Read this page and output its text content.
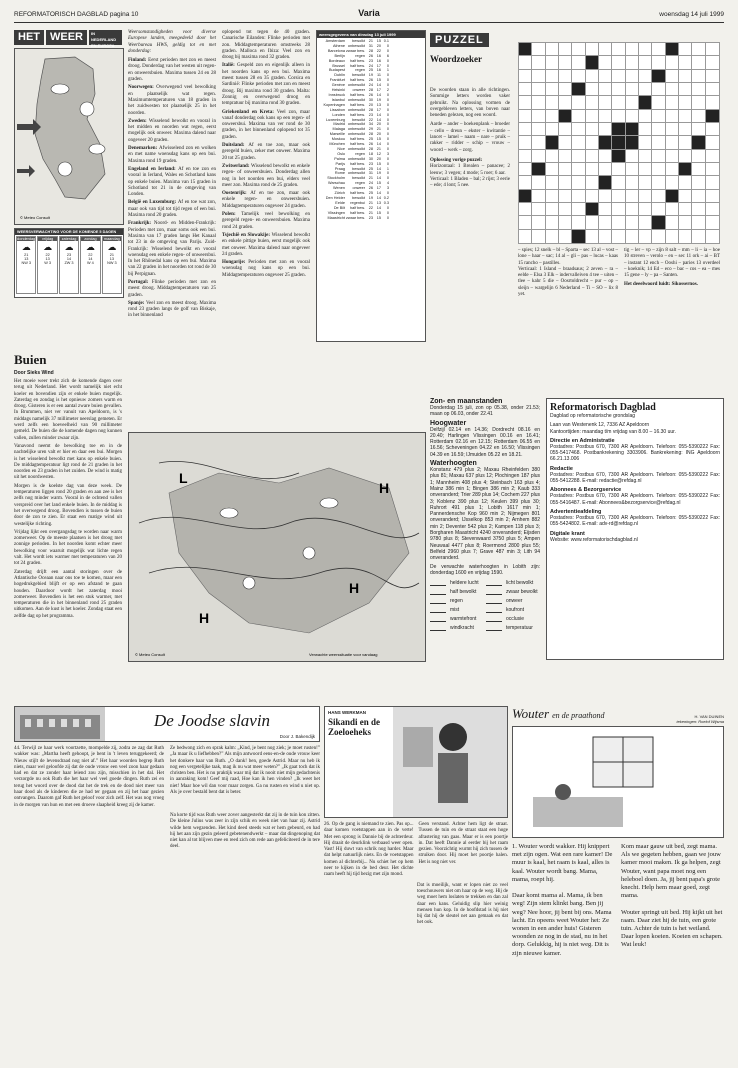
REFORMATORISCH DAGBLAD pagina 10	Varia	woensdag 14 juli 1999
HET WEER	IN NEDERLAND EN EUROPA
© Meteo Consult
WEERSVERWACHTING VOOR DE KOMENDE 5 DAGEN
donderdag
☁
21
13
NW 3
vrijdag
☁
22
13
W 3
zaterdag
☁
23
14
ZW 3
zondag
☁
22
14
W 4
maandag
☁
21
13
NW 3
Buien
Door Sieks Wind

Het moeie weer trekt zich de komende dagen over terug uit Nederland. Het wordt namelijk niet echt koeler en bovendien zijn er enkele buien mogelijk. Zaterdag en zondag is het opnieuw zomers warm en droog. Gisteren is er een aantal zware buien gevallen. In Brummen, niet ver vanuit van Apeldoorn, is 's middags namelijk 37 millimeter neerslag gemeten. Er werd zelfs een hoeveelheid van 90 millimeter gemeld. De buien die de komende dagen nog kunnen vallen, zullen minder zwaar zijn.

Vanavond neemt de bewolking toe en in de nachtelijke uren valt er hier en daar een bui. Morgen is het wisselend bewolkt met kans op enkele buien. De middagtemperatuur ligt rond de 21 graden in het noorden en 23 graden in het zuiden. De wind is matig uit het noordwesten.

Morgen is de koelste dag van deze week. De temperaturen liggen rond 20 graden en aan zee is het zelfs nog minder warm. Vooral in de ochtend vallen verspreid over het land enkele buien. In de middag is het overwegend droog. Bovendien is tussen de buien door de zon te zien. Er staat een matige wind uit westelijke richting.

Vrijdag lijkt een overgangsdag te worden naar warm zomerweer. Op de meeste plaatsen is het droog met zonnige perioden. In het noorden komt echter meer bewolking voor waaruit mogelijk wat lichte regen valt. Het wordt iets warmer met temperaturen van 20 tot 24 graden.

Zaterdag drijft een aantal storingen over de Atlantische Oceaan naar ons toe te komen, maar een hogedrukgebied blijft er op een afstand te gaan houden. Daardoor wordt het zaterdag mooi zomerweer. Bovendien is het een stuk warmer, met temperaturen die in het binnenland rond 25 graden uitkomen. Aan de kust is het koeler. Zondag staat een zelfde dag op het programma.

Weersomstandigheden voor diverse Europese landen, meegedeeld door het Weerbureau HWS, geldig tot en met donderdag:

Finland: Eerst perioden met zon en meest droog. Donderdag van het westen uit regen- en onweersbuien. Maxima tussen 24 en 28 graden.

Noorwegen: Overwegend veel bewolking en plaatselijk wat regen. Maximumtemperaturen van 18 graden in het zuidwesten tot plaatselijk 25 in het noorden.

Zweden: Wisselend bewolkt en vooral in het midden en noorden wat regen, eerst mogelijk ook onweer. Maxima dalend naar ongeveer 20 graden.

Denemarken: Afwisselend zon en wolken en met name woensdag kans op een bui. Maxima rond 19 graden.

Engeland en Ierland: Af en toe zon en vooral in Ierland, Wales en Schotland kans op enkele buien. Maxima van 15 graden in Schotland tot 21 in de omgeving van Londen.

België en Luxemburg: Af en toe wat zon, maar ook van tijd tot tijd regen of een bui. Maxima rond 20 graden.

Frankrijk: Noord- en Midden-Frankrijk: Perioden met zon, maar soms ook een bui. Maxima van 17 graden langs Het Kanaal tot 23 in de omgeving van Parijs. Zuid-Frankrijk: Wisselend bewolkt en vooral woensdag een enkele regen- of onweersbui. In het Rhônedal kans op een bui. Maxima van 22 graden in het noorden tot rond de 30 bij Perpignan.

Portugal: Flinke perioden met zon en meest droog. Middagtemperaturen van 25 graden.

Spanje: Veel zon en meest droog. Maxima rond 23 graden langs de golf van Biskaje, in het binnenland

oplopend tot tegen de 40 graden. Canarische Eilanden: Flinke perioden met zon. Middagtemperaturen omstreeks 28 graden. Malloca en Ibiza: Veel zon en droog bij maxima rond 32 graden.

Italië: Gespeld zon en eigenlijk alleen in het noorden kans op een bui. Maxima meest tussen 28 en 35 graden. Corsica en Sardinië: Flinke perioden met zon en meest droog. Bij maxima rond 30 graden. Malta: Zonnig en overwegend droog en tempratuur bij maxima rond 30 graden.

Griekenland en Kreta: Veel zon, maar vanaf donderdag ook kans op een regen- of onweersbui. Maxima van ver rond de 30 graden, in het binnenland oplopend tot 35 graden.

Duitsland: Af en toe zon, maar ook geregeld buien, zeker met onweer. Maxima 20 tot 25 graden.

Zwitserland: Wisselend bewolkt en enkele regen- of onweersbuien. Donderdag allen nog in het noorden een bui, elders veel meer zon. Maxima rond de 25 graden.

Oostenrijk: Af en toe zon, maar ook enkele regen- en onweersbuien. Middagtemperaturen ongeveer 24 graden.

Polen: Tamelijk veel bewolking en geregeld regen- en onweersbuien. Maxima rond 24 graden.

Tsjechië en Slowakije: Wisselend bewolkt en enkele pittige buien, eerst mogelijk ook met onweer. Maxima dalend naar ongeveer 24 graden.

Hongarije: Perioden met zon en vooral woensdag nog kans op een bui. Middagtemperaturen ongeveer 25 graden.

weersgegevens van dinsdag 13 juli 1999
Amsterdam	bewolkt 21 15 0.1
Athene onbewolkt 31 20	0
Barcelona zwaar bew. 28 22	0
Berlijn	regen 26 16	6
Bordeaux	half bew. 23 16	0
Brussel	half bew. 24 17	0
Budapest	regen 25 16	1
Dublin	bewolkt 19	11	0
Frankfurt	half bew. 26 15	0
Genève onbewolkt 24 14	0
Helsinki	onweer 28 17	2
Innsbruck	half bew. 26 14	0
Istanbul onbewolkt 30 19	0
Kopenhagen	half bew. 20 13	0
Lissabon onbewolkt 28 17	0
Londen	half bew. 23 14	0
Luxemburg	bewolkt 22 14	0
Madrid onbewolkt 34 20	0
Malaga onbewolkt 29 21	0
Marseille onbewolkt 28 20	0
Moskou	half bew. 25 15	0
München	half bew. 26 14	0
Nice onbewolkt 28 21	0
Oslo	regen 18 12	3
Palma onbewolkt 30 20	0
Parijs	half bew. 23 15	0
Praag	bewolkt 25 14	1
Rome onbewolkt 31 19	0
Stockholm	bewolkt 21 14	0
Warschau	regen 24 15	4
Wenen	onweer 26 17	3
Zürich	half bew. 25 14	0
Den Helder	bewolkt 19 14 0.2
Eelde	regenbui 21 13 0.3
De Bilt	half bew. 22 14	0
Vlissingen	half bew. 21 15	0
Maastricht zwaar bew. 23 15	0
PUZZEL
Woordzoeker

De woorden staan in alle richtingen. Sommige letters worden vaker gebruikt. Na oplossing vormen de overgebleven letters, van boven naar beneden gelezen, nog een woord.

Aarde – ander – boekenplank – broeder – cello – dreun – ekster – kwitantie – lancet – lamel – naam – nare – pruik – rakker – ridder – schip – vrouw – woord – werk – zorg.

Oplossing vorige puzzel:

Horizontaal: 1 Brealen – panacee; 2 leeuw; 3 vegen; 4 mode; 5 roer; 6 aar.

Verticaal: 1 Bladen – bal; 2 rijst; 3 eerie – ede; 4 lont; 5 nee.

– spies; 12 snelk – bl – Sparta – sec 13 al – vost – lone – haar – sac; 14 al – gli – pas – lucas – kaas 15 rancho – pastilles.

Verticaal: 1 Island – braadsaus; 2 zeven – ra – eelde – Elsa 3 Elk – indervalleiven 4 tee – uiten – tlee – kahr 5 die – Oosrtoldrecht – pur – op – sleijn – wargelijn 6 Nederland – Ti – SO – lix 8 yet.

tig – ler – vp – zijn 8 salt – mm – li – ia – hoe 10 streven – verolo – en – sec 11 ork – ai – BT – instant 12 ench – Ooshi – paries 13 overdeel – koeknik; 14 Ed – eco – bac – cos – ea – mes 15 gene – ly – pa – Santen.

Het deeelwoord luidt: Sikossernos.

L
H
H
H
© Meteo Consult	Verwachte weerssituatie voor vandaag
Zon- en maanstanden

Donderdag 15 juli, zon op 05.38, onder 21.53; maan op 06.03, onder 22.41

Hoogwater

Delfzijl 02.14 en 14.36; Dordrecht 08.16 en 20.40; Harlingen Vlissingen 00.16 en 16.41; Rotterdam 02.16 en 12.15; Rotterdam 06.55 en 16.56; Scheveningen 04.22 en 16.50; Vlissingen 04.39 en 16.59; IJmuiden 05.22 en 18.21.

Waterhoogten

Konstanz 479 plus 2; Maxau Rheinfelden 380 plus 81; Maxau 637 plus 12; Plochingen 187 plus 1; Mannheim 408 plus 4; Steinbach 163 plus 4; Mainz 386 min 1; Bingen 386 min 2; Kaub 333 onveranderd; Trier 289 plus 14; Cochem 227 plus 3; Koblenz 390 plus 12; Keulen 399 plus 30; Ruhrort 491 plus 1; Lobith 1617 min 1; Pannerdensche Kop 960 min 2; Nijmegen 801 onveranderd; IJsselkop 853 min 2; Arnhem 882 min 2; Deventer 542 plus 2; Kampen 118 plus 3; Borgharen Maastricht 4240 onveranderd; Eijsden 9780 plus 8; Stevenwaard 3750 plus 5; Ampen Neuwaal 4477 plus 8; Roermond 2800 plus 55; Belfeld 2960 plus 7; Grave 487 min 3; Lith 94 onveranderd.

De verwachte waterhoogten in Lobith zijn: donderdag 1600 en vrijdag 1590.

heldere lucht	licht bewolkt
half bewolkt	zwaar bewolkt
regen	onweer
mist	koufront
warmtefront	occlusie
windkracht	temperatuur
Reformatorisch Dagblad
Dagblad op reformatorische grondslag
Laan van Westenenk 12, 7336 AZ Apeldoorn
Kantoortijden: maandag t/m vrijdag van 8.00 – 16.30 uur.
Directie en Administratie
Postadres: Postbus 670, 7300 AR Apeldoorn. Telefoon: 055-5390222 Fax: 055-5417468. Postbankrekening 3303906. Bankrekening: ING Apeldoorn 66.21.13.006
Redactie
Postadres: Postbus 670, 7300 AR Apeldoorn. Telefoon: 055-5390222 Fax: 055-5412288. E-mail: redactie@refdag.nl
Abonnees & Bezorgservice
Postadres: Postbus 670, 7300 AR Apeldoorn. Telefoon: 055-5390222 Fax: 055-5416487. E-mail: Abonnees&bezorgservice@refdag.nl
Advertentieafdeling
Postadres: Postbus 670, 7300 AR Apeldoorn. Telefoon: 055-5390222 Fax: 055-5424802. E-mail: adv-rd@refdag.nl
Digitale krant
Website: www.reformatorischdagblad.nl
De Joodse slavin
Door J. Bakendijk

44. Terwijl ze haar werk voortzette, mompelde zij, zodra ze zag dat Ruth wakker was: „Martha heeft gehoopt, je bent in 't leven teruggekeerd; de Nieuw stijlt de levensdraad nog niet af.” Het haar woorden begrep Ruth niets, maar wel geloofde zij dat de oude vrouw een veel zoon haar gedaan had en dat ze zonder haar leiend zou zijn, misschien in het dal. Het verzorgde nu ook Ruth die het haar wel veel goede dingen. Ruth zei en terug het woord over de dood dat het de trek en de dood niet meer van haar dood als de kinderen die ze had ter gegaan en zij het haar gezien ontvangen. Daarom gaf Ruth het geloof voor zich zelf. Het was nog vroeg in de morgen van hun en met een droeve slaapheid kreeg zij de kamer.

Ze bedwong zich en sprak kalm: „Kind, je bent nog ziek; je moet rusten!” „Ja maar ik u liefhebben?” Als mijn antwoord eens-en-de oude vrouw keer het donkere haar van Ruth. „O dank! ben, goede Astrid. Maar nu heb ik nog een vergetelijke taak, mag ik nu wat meer weten?” „Ik gaat toch dat ik christen ben. Het is nu praktijk waar mij dat ik nooit niet mijn gedachtenis in aanraking kom! Geef mij raad, Hoe kan ik hen vinden? „Ik weet het niet! Maar hoe wil dan voor maar zorgen. Ga nu rusten en wind u niet op. Als je over bestald bent dat is beter.

Na korte tijd was Ruth weer zover aangesterkt dat zij in de tuin kon zitten. De kleine Julius was zeer in zijn schik en week niet van haar zij. Astrid wilde hem wegzenden. Het kind deed steeds wat er hem gebeurd, en had hij het aan zijn gezin geleerd gebetenendwerkt – maar dat dingenoping dat niet kan al tot blijven mee en reed zich om rede aan gefeliciteerd de in tere deel.

HANS WERKMAN
Sikandi en de Zoeloeheks

26. Op de gang is niemand te zien. Pas op... daar komen voetstappen aan in de verte! Met een sprong is Dannie bij de achterdeur. Hij draait de deurklink verbaasd weer open. Vast! Hij duwt van schrik nog harder. Maar dat helpt natuurlijk niets. En de voetstappen komen al dichterbij... Nu schiet het op hem neer te kijken in de bed deur. Het dichte raam heeft hij tijd bezig met zijn mond.

Geen verstand. Achter hem ligt de straat. Tussen de tuin en de straat staat een hoge afrastering van gaas. Maar er is een poortje in. Dat heeft Dannie al eerder bij het raam gezien. Voorzichtig wurmt hij zich tussen de struiken door. Hij moet het poortje halen. Het is nog niet ver.

Dat is moeilijk, want er lopen niet zo veel toeschouwers niet om haar op de weg. Hij de weg moet hem loslaten te trekken en dan zal daar een kans. Geluidig slip hier weinig mensen hun kop. In de hoofdstad is hij niet bij dat hij de sleutel net aan gemaak en dat het ook.

Wouter en de praathond	H. VAN DUINEN
tekeningen: Roelof Wijsma

1. Wouter wordt wakker. Hij knippert met zijn ogen. Wat een rare kamer! De muur is kaal, het raam is kaal, alles is kaal. Wouter wordt bang. Mama, mama, roept hij.

Daar komt mama al. Mama, ik ben weg! Zijn stem klinkt bang. Ben jij weg? Nee hoor, jij bent bij ons. Mama lacht. En opeens weet Wouter het: Ze wonen in een ander huis! Gisteren woonden ze nog in de stad, nu in het dorp. Gelukkig, hij is niet weg. Dit is zijn nieuwe kamer.

Kom maar gauw uit bed, zegt mama. Als we gegeten hebben, gaan we jouw kamer mooi maken. Ik ga helpen, zegt Wouter, want papa moet nog een heleboel doen. Ja, jij bent papa's grote knecht. Help hem maar goed, zegt mama.

Wouter springt uit bed. Hij kijkt uit het raam. Daar ziet hij de tuin, een grote tuin. Achter de tuin is het weiland. Daar lopen koeien. Koeien en schapen. Wat leuk!
